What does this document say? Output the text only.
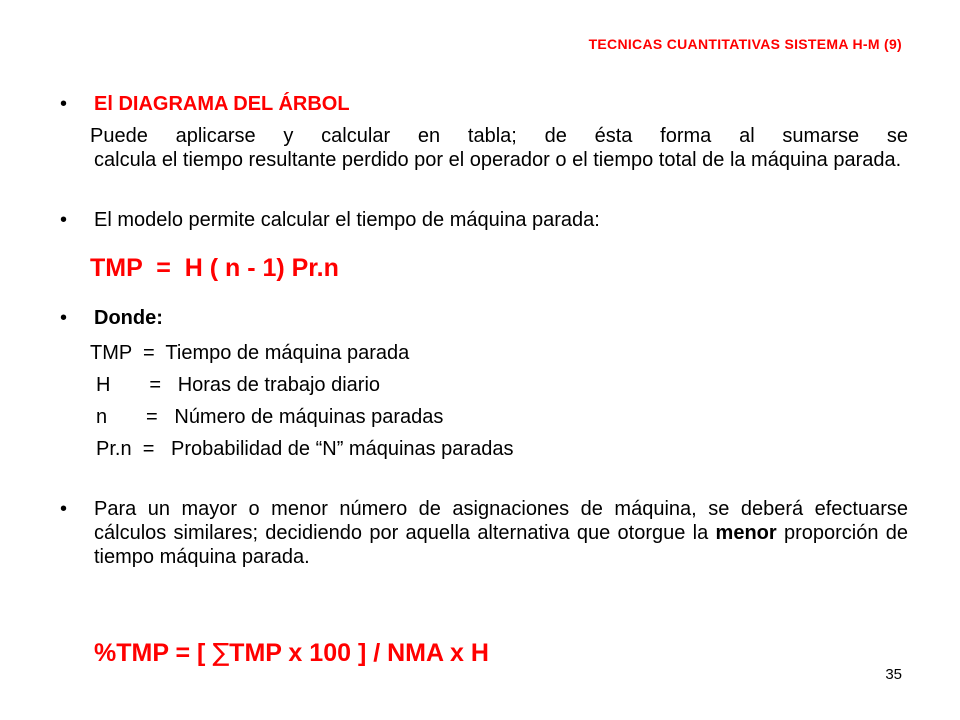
TECNICAS CUANTITATIVAS SISTEMA H-M (9)
•	El DIAGRAMA DEL ÁRBOL
Puede aplicarse y calcular en tabla; de ésta forma al sumarse se
calcula el tiempo resultante perdido por el operador o el tiempo total de la máquina parada.
•	El modelo permite calcular el tiempo de máquina parada:
TMP  =  H ( n - 1) Pr.n
•	Donde:
TMP  =  Tiempo de máquina parada
H       =   Horas de trabajo diario
n       =   Número de máquinas paradas
Pr.n  =   Probabilidad de “N” máquinas paradas
•	Para un mayor o menor número de asignaciones de máquina, se deberá efectuarse cálculos similares; decidiendo por aquella alternativa que otorgue la menor proporción de tiempo máquina parada.
%TMP = [ ∑TMP x 100 ] / NMA x H
35
